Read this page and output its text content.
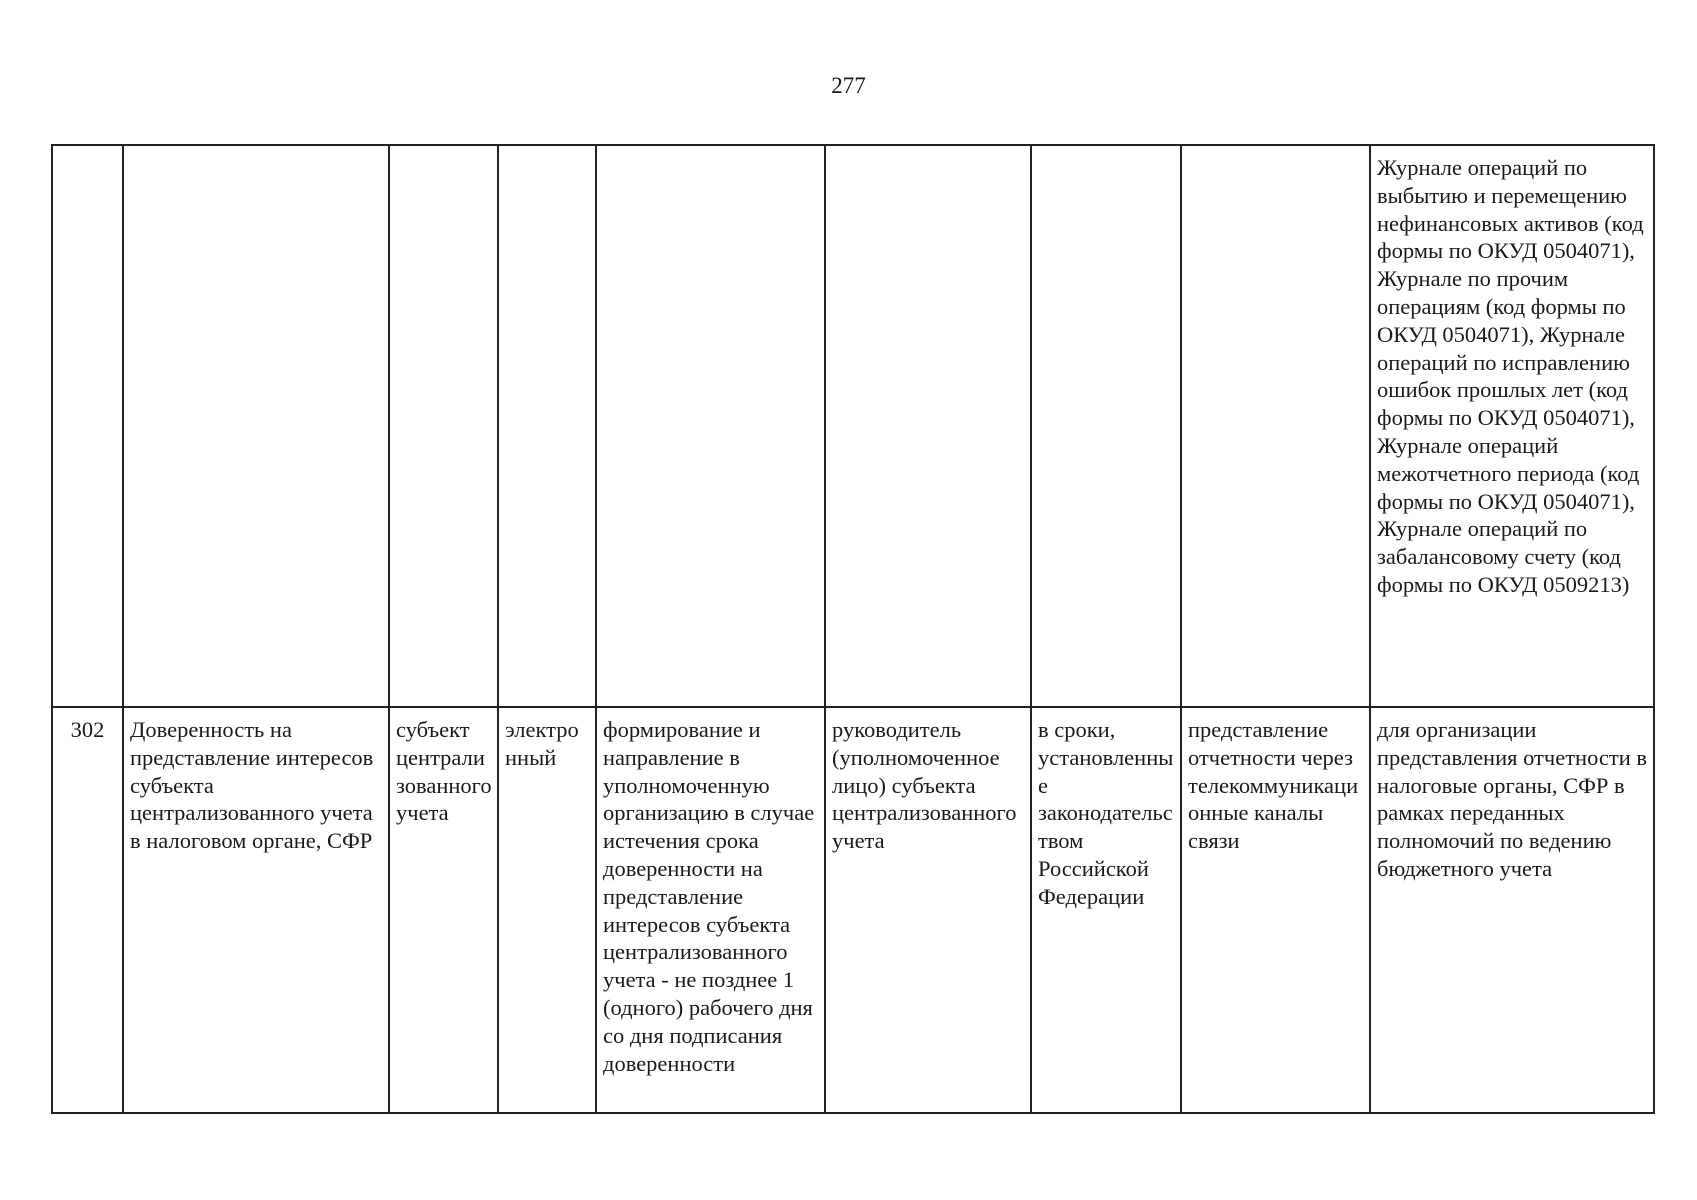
277
								Журнале операций по выбытию и перемещению нефинансовых активов (код формы по ОКУД 0504071), Журнале по прочим операциям (код формы по ОКУД 0504071), Журнале операций по исправлению ошибок прошлых лет (код формы по ОКУД 0504071), Журнале операций межотчетного периода (код формы по ОКУД 0504071), Журнале операций по забалансовому счету (код формы по ОКУД 0509213)
302	Доверенность на представление интересов субъекта централизованного учета в налоговом органе, СФР	субъект централизованного учета	электронный	формирование и направление в уполномоченную организацию в случае истечения срока доверенности на представление интересов субъекта централизованного учета - не позднее 1 (одного) рабочего дня со дня подписания доверенности	руководитель (уполномоченное лицо) субъекта централизованного учета	в сроки, установленные законодательством Российской Федерации	представление отчетности через телекоммуникационные каналы связи	для организации представления отчетности в налоговые органы, СФР в рамках переданных полномочий по ведению бюджетного учета
